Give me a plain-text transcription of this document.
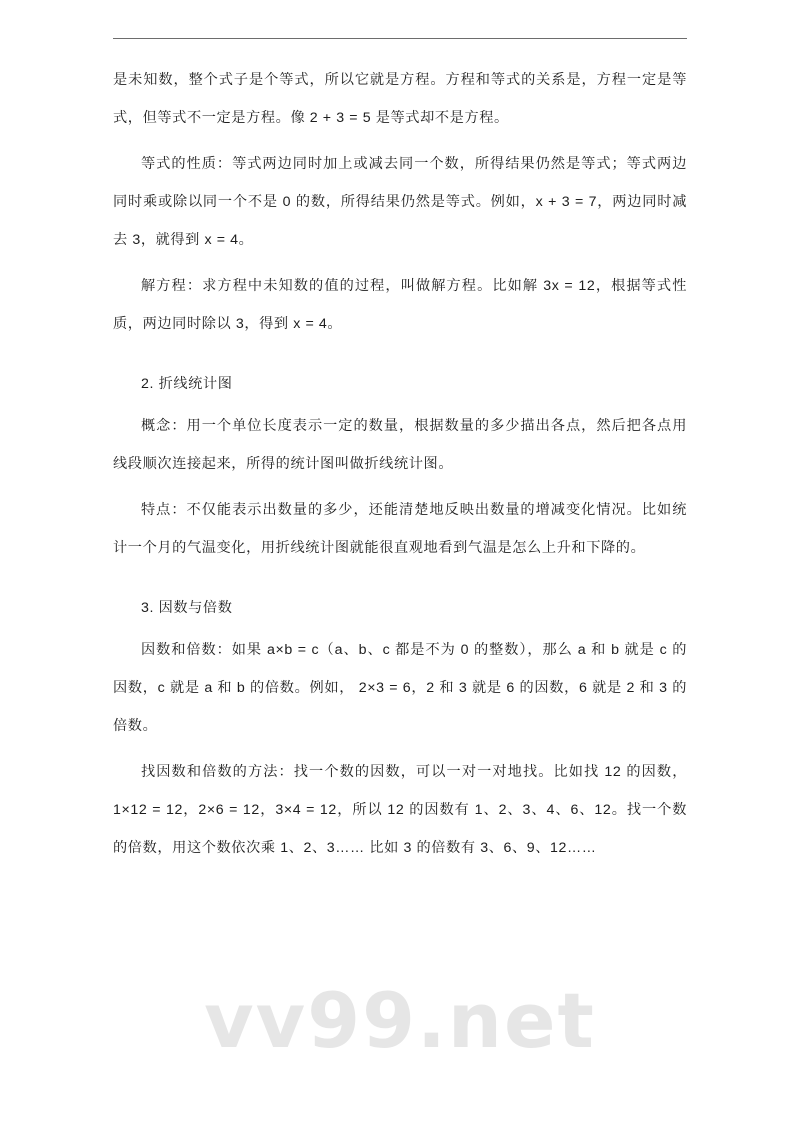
是未知数，整个式子是个等式，所以它就是方程。方程和等式的关系是，方程一定是等式，但等式不一定是方程。像 2 + 3 = 5 是等式却不是方程。

等式的性质：等式两边同时加上或减去同一个数，所得结果仍然是等式；等式两边同时乘或除以同一个不是 0 的数，所得结果仍然是等式。例如，x + 3 = 7，两边同时减去 3，就得到 x = 4。

解方程：求方程中未知数的值的过程，叫做解方程。比如解 3x = 12，根据等式性质，两边同时除以 3，得到 x = 4。

2. 折线统计图

概念：用一个单位长度表示一定的数量，根据数量的多少描出各点，然后把各点用线段顺次连接起来，所得的统计图叫做折线统计图。

特点：不仅能表示出数量的多少，还能清楚地反映出数量的增减变化情况。比如统计一个月的气温变化，用折线统计图就能很直观地看到气温是怎么上升和下降的。

3. 因数与倍数

因数和倍数：如果 a×b = c（a、b、c 都是不为 0 的整数），那么 a 和 b 就是 c 的因数，c 就是 a 和 b 的倍数。例如， 2×3 = 6，2 和 3 就是 6 的因数，6 就是 2 和 3 的倍数。

找因数和倍数的方法：找一个数的因数，可以一对一对地找。比如找 12 的因数，1×12 = 12，2×6 = 12，3×4 = 12，所以 12 的因数有 1、2、3、4、6、12。找一个数的倍数，用这个数依次乘 1、2、3…… 比如 3 的倍数有 3、6、9、12……

vv99.net
